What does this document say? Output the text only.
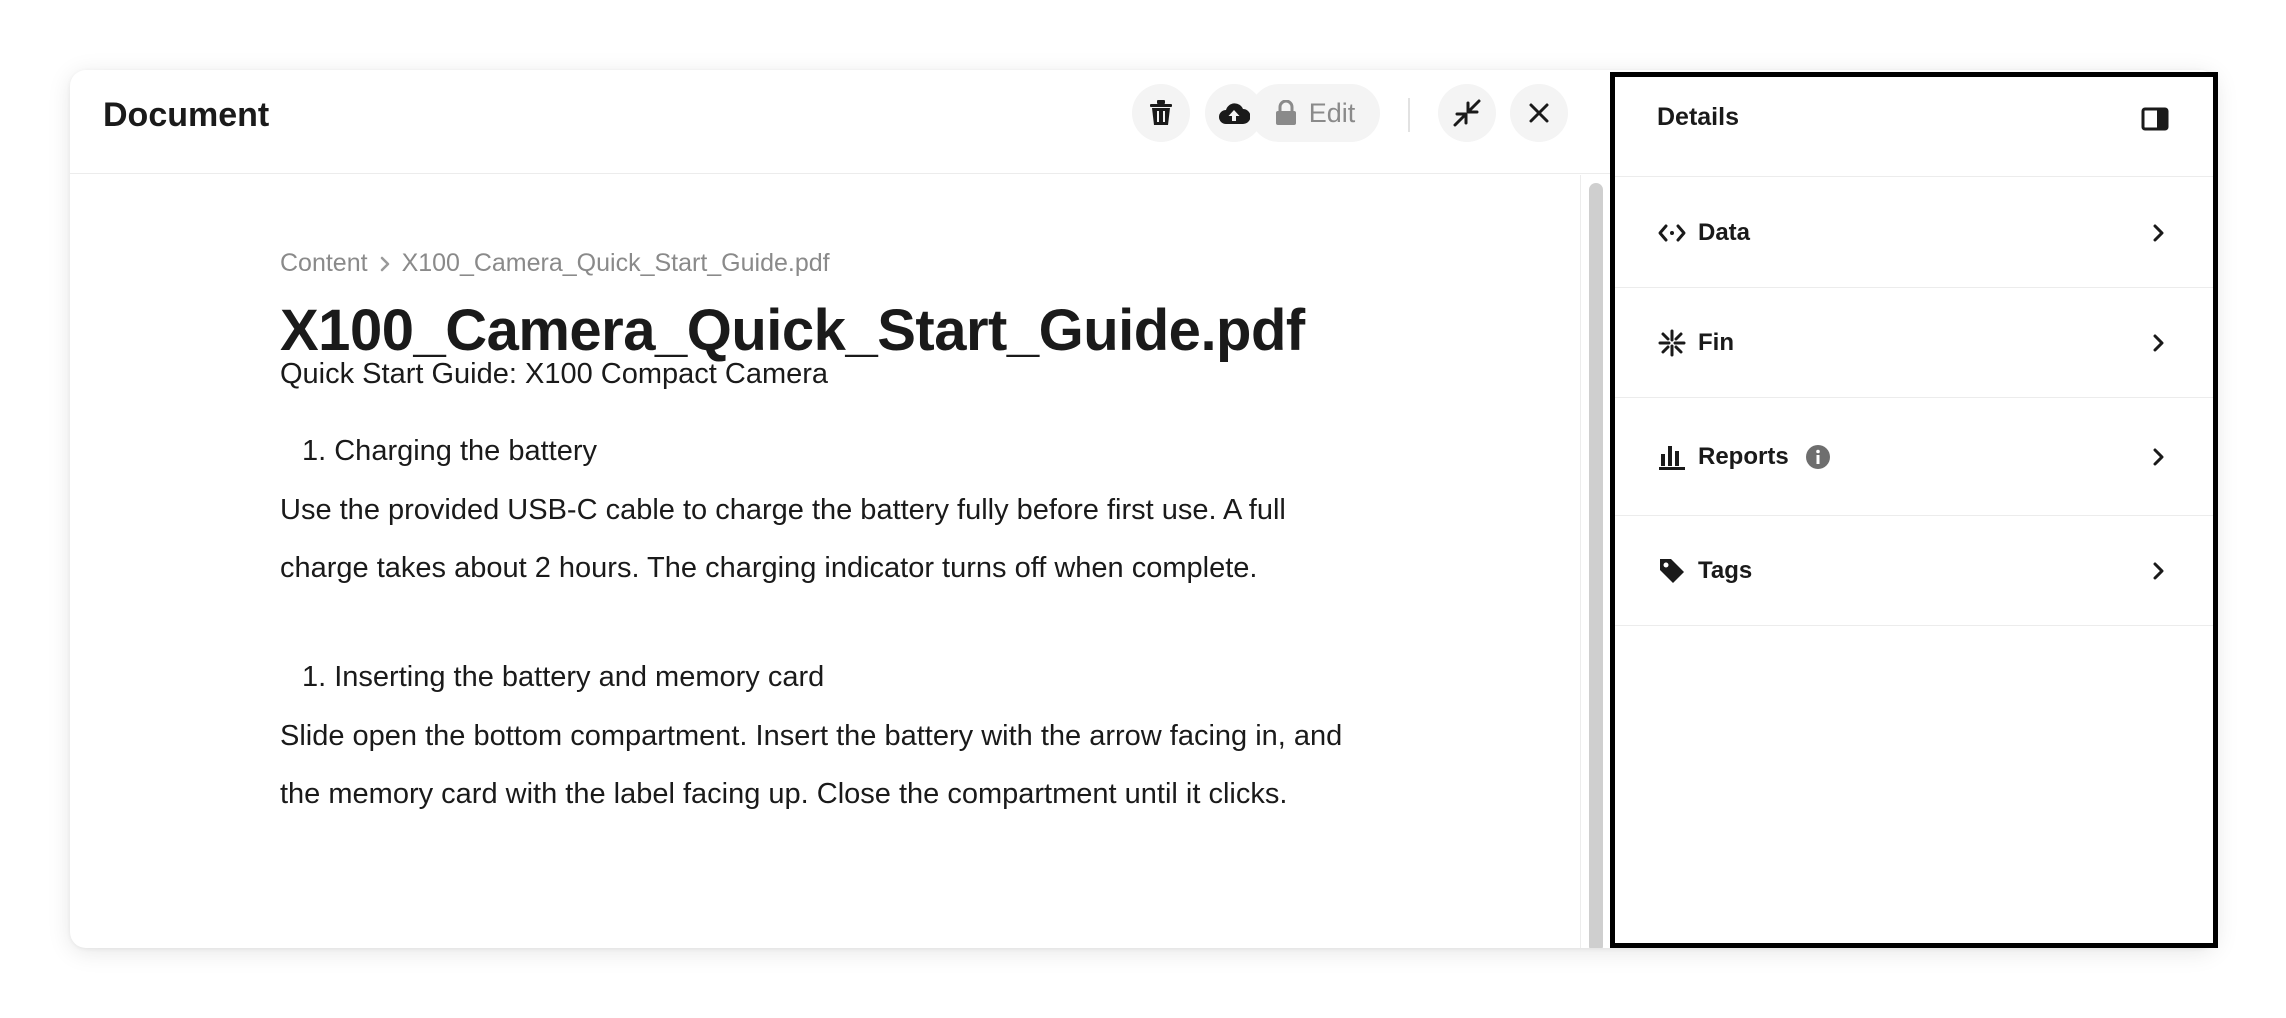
Document	Edit
Content X100_Camera_Quick_Start_Guide.pdf
X100_Camera_Quick_Start_Guide.pdf
Quick Start Guide: X100 Compact Camera
1. Charging the battery
Use the provided USB-C cable to charge the battery fully before first use. A full
charge takes about 2 hours. The charging indicator turns off when complete.
1. Inserting the battery and memory card
Slide open the bottom compartment. Insert the battery with the arrow facing in, and
the memory card with the label facing up. Close the compartment until it clicks.
Details
Data
Fin
Reports
Tags
